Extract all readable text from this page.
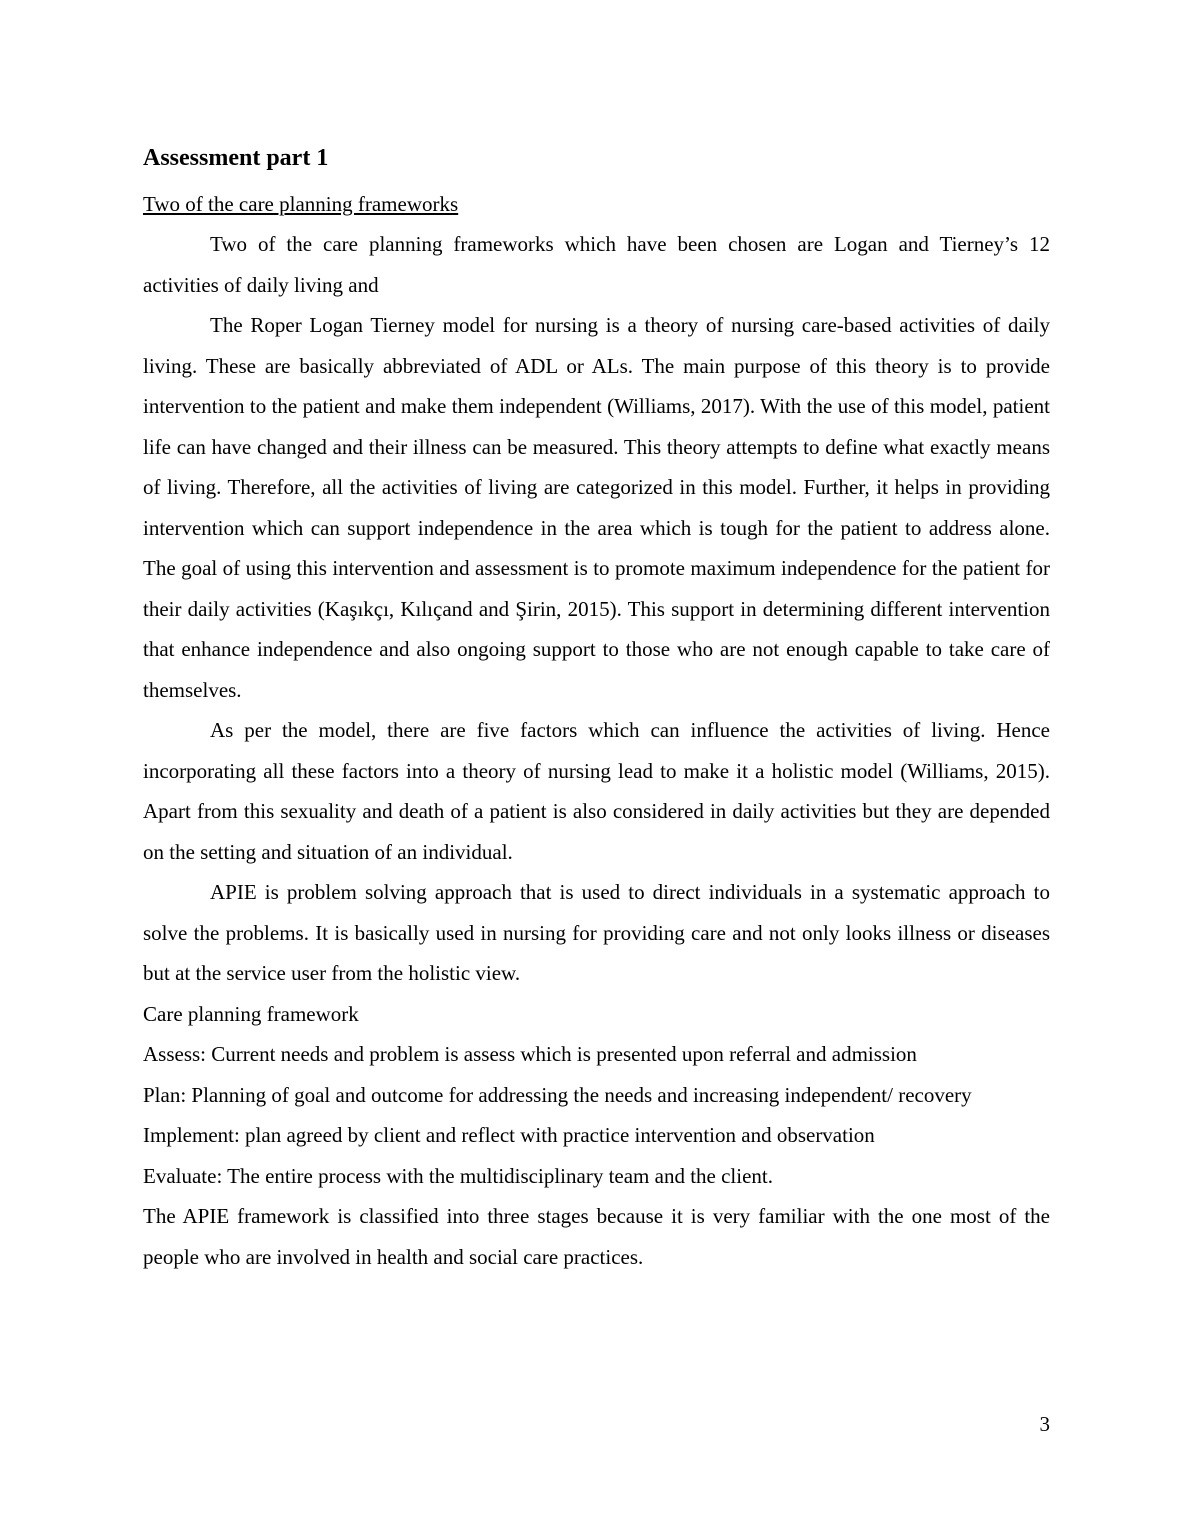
Assessment part 1
Two of the care planning frameworks

Two of the care planning frameworks which have been chosen are Logan and Tierney’s 12 activities of daily living and

The Roper Logan Tierney model for nursing is a theory of nursing care-based activities of daily living. These are basically abbreviated of ADL or ALs. The main purpose of this theory is to provide intervention to the patient and make them independent (Williams, 2017). With the use of this model, patient life can have changed and their illness can be measured. This theory attempts to define what exactly means of living. Therefore, all the activities of living are categorized in this model. Further, it helps in providing intervention which can support independence in the area which is tough for the patient to address alone. The goal of using this intervention and assessment is to promote maximum independence for the patient for their daily activities (Kaşıkçı, Kılıçand and Şirin, 2015). This support in determining different intervention that enhance independence and also ongoing support to those who are not enough capable to take care of themselves.

As per the model, there are five factors which can influence the activities of living. Hence incorporating all these factors into a theory of nursing lead to make it a holistic model (Williams, 2015). Apart from this sexuality and death of a patient is also considered in daily activities but they are depended on the setting and situation of an individual.

APIE is problem solving approach that is used to direct individuals in a systematic approach to solve the problems. It is basically used in nursing for providing care and not only looks illness or diseases but at the service user from the holistic view.

Care planning framework

Assess: Current needs and problem is assess which is presented upon referral and admission

Plan: Planning of goal and outcome for addressing the needs and increasing independent/ recovery

Implement: plan agreed by client and reflect with practice intervention and observation

Evaluate: The entire process with the multidisciplinary team and the client.

The APIE framework is classified into three stages because it is very familiar with the one most of the people who are involved in health and social care practices.

3
